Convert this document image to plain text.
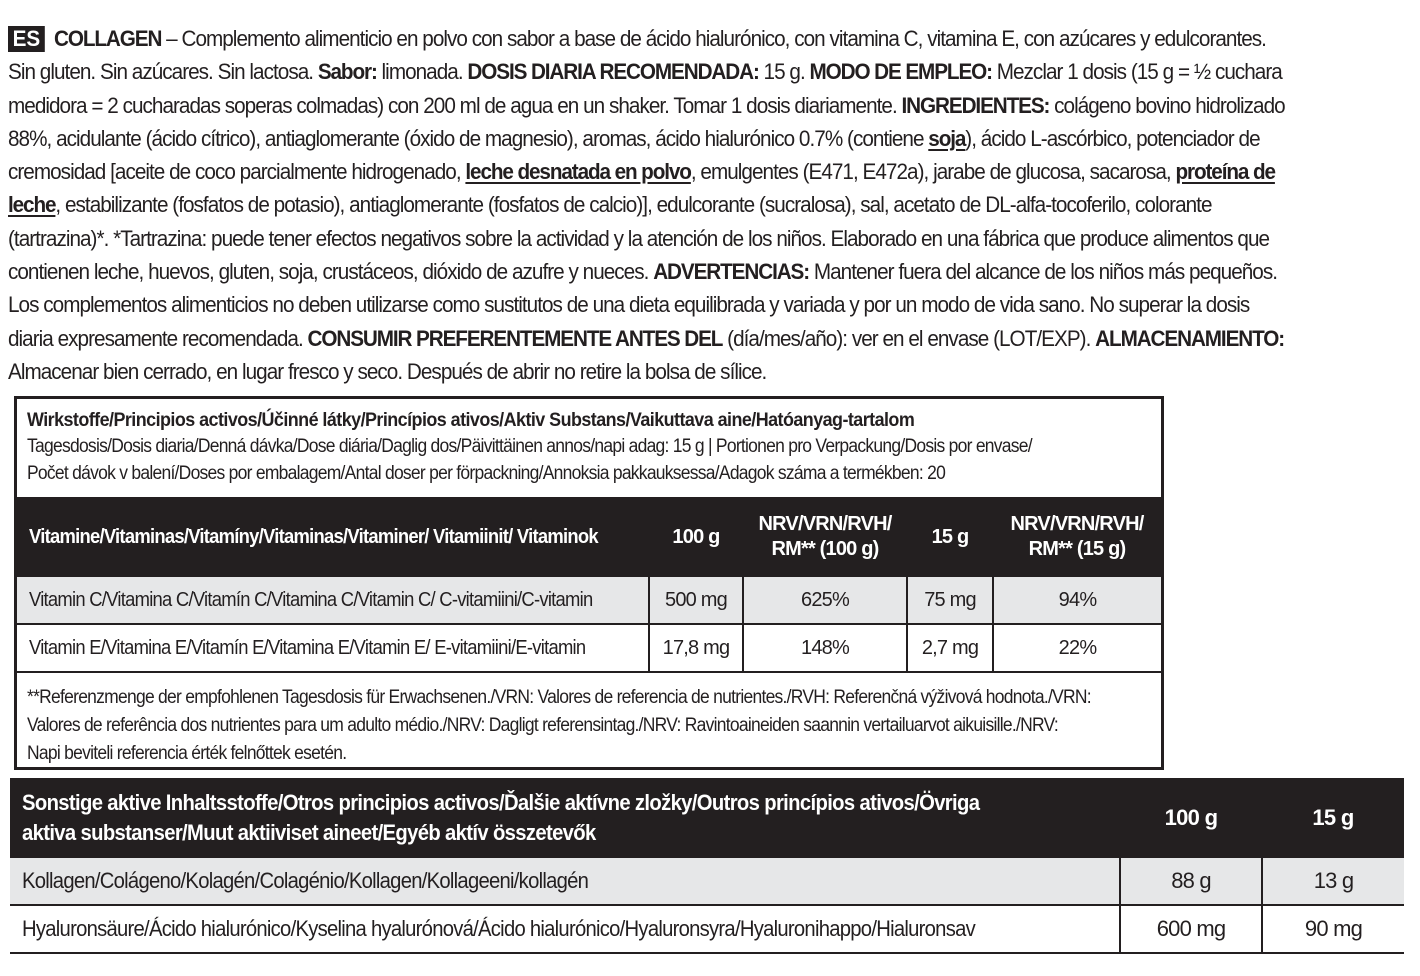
ES COLLAGEN – Complemento alimenticio en polvo con sabor a base de ácido hialurónico, con vitamina C, vitamina E, con azúcares y edulcorantes. Sin gluten. Sin azúcares. Sin lactosa. Sabor: limonada. DOSIS DIARIA RECOMENDADA: 15 g. MODO DE EMPLEO: Mezclar 1 dosis (15 g = ½ cuchara medidora = 2 cucharadas soperas colmadas) con 200 ml de agua en un shaker. Tomar 1 dosis diariamente. INGREDIENTES: colágeno bovino hidrolizado 88%, acidulante (ácido cítrico), antiaglomerante (óxido de magnesio), aromas, ácido hialurónico 0.7% (contiene soja), ácido L-ascórbico, potenciador de cremosidad [aceite de coco parcialmente hidrogenado, leche desnatada en polvo, emulgentes (E471, E472a), jarabe de glucosa, sacarosa, proteína de leche, estabilizante (fosfatos de potasio), antiaglomerante (fosfatos de calcio)], edulcorante (sucralosa), sal, acetato de DL-alfa-tocoferilo, colorante (tartrazina)*. *Tartrazina: puede tener efectos negativos sobre la actividad y la atención de los niños. Elaborado en una fábrica que produce alimentos que contienen leche, huevos, gluten, soja, crustáceos, dióxido de azufre y nueces. ADVERTENCIAS: Mantener fuera del alcance de los niños más pequeños. Los complementos alimenticios no deben utilizarse como sustitutos de una dieta equilibrada y variada y por un modo de vida sano. No superar la dosis diaria expresamente recomendada. CONSUMIR PREFERENTEMENTE ANTES DEL (día/mes/año): ver en el envase (LOT/EXP). ALMACENAMIENTO: Almacenar bien cerrado, en lugar fresco y seco. Después de abrir no retire la bolsa de sílice.
Wirkstoffe/Principios activos/Účinné látky/Princípios ativos/Aktiv Substans/Vaikuttava aine/Hatóanyag-tartalom
Tagesdosis/Dosis diaria/Denná dávka/Dose diária/Daglig dos/Päivittäinen annos/napi adag: 15 g | Portionen pro Verpackung/Dosis por envase/
Počet dávok v balení/Doses por embalagem/Antal doser per förpackning/Annoksia pakkauksessa/Adagok száma a termékben: 20
Vitamine/Vitaminas/Vitamíny/Vitaminas/Vitaminer/ Vitamiinit/ Vitaminok	100 g	NRV/VRN/RVH/ RM** (100 g)	15 g	NRV/VRN/RVH/ RM** (15 g)
Vitamin C/Vitamina C/Vitamín C/Vitamina C/Vitamin C/ C-vitamiini/C-vitamin	500 mg	625%	75 mg	94%
Vitamin E/Vitamina E/Vitamín E/Vitamina E/Vitamin E/ E-vitamiini/E-vitamin	17,8 mg	148%	2,7 mg	22%
**Referenzmenge der empfohlenen Tagesdosis für Erwachsenen./VRN: Valores de referencia de nutrientes./RVH: Referenčná výživová hodnota./VRN:
Valores de referência dos nutrientes para um adulto médio./NRV: Dagligt referensintag./NRV: Ravintoaineiden saannin vertailuarvot aikuisille./NRV:
Napi beviteli referencia érték felnőttek esetén.
Sonstige aktive Inhaltsstoffe/Otros principios activos/Ďalšie aktívne zložky/Outros princípios ativos/Övriga
aktiva substanser/Muut aktiiviset aineet/Egyéb aktív összetevők	100 g	15 g
Kollagen/Colágeno/Kolagén/Colagénio/Kollagen/Kollageeni/kollagén	88 g	13 g
Hyaluronsäure/Ácido hialurónico/Kyselina hyalurónová/Ácido hialurónico/Hyaluronsyra/Hyaluronihappo/Hialuronsav	600 mg	90 mg
